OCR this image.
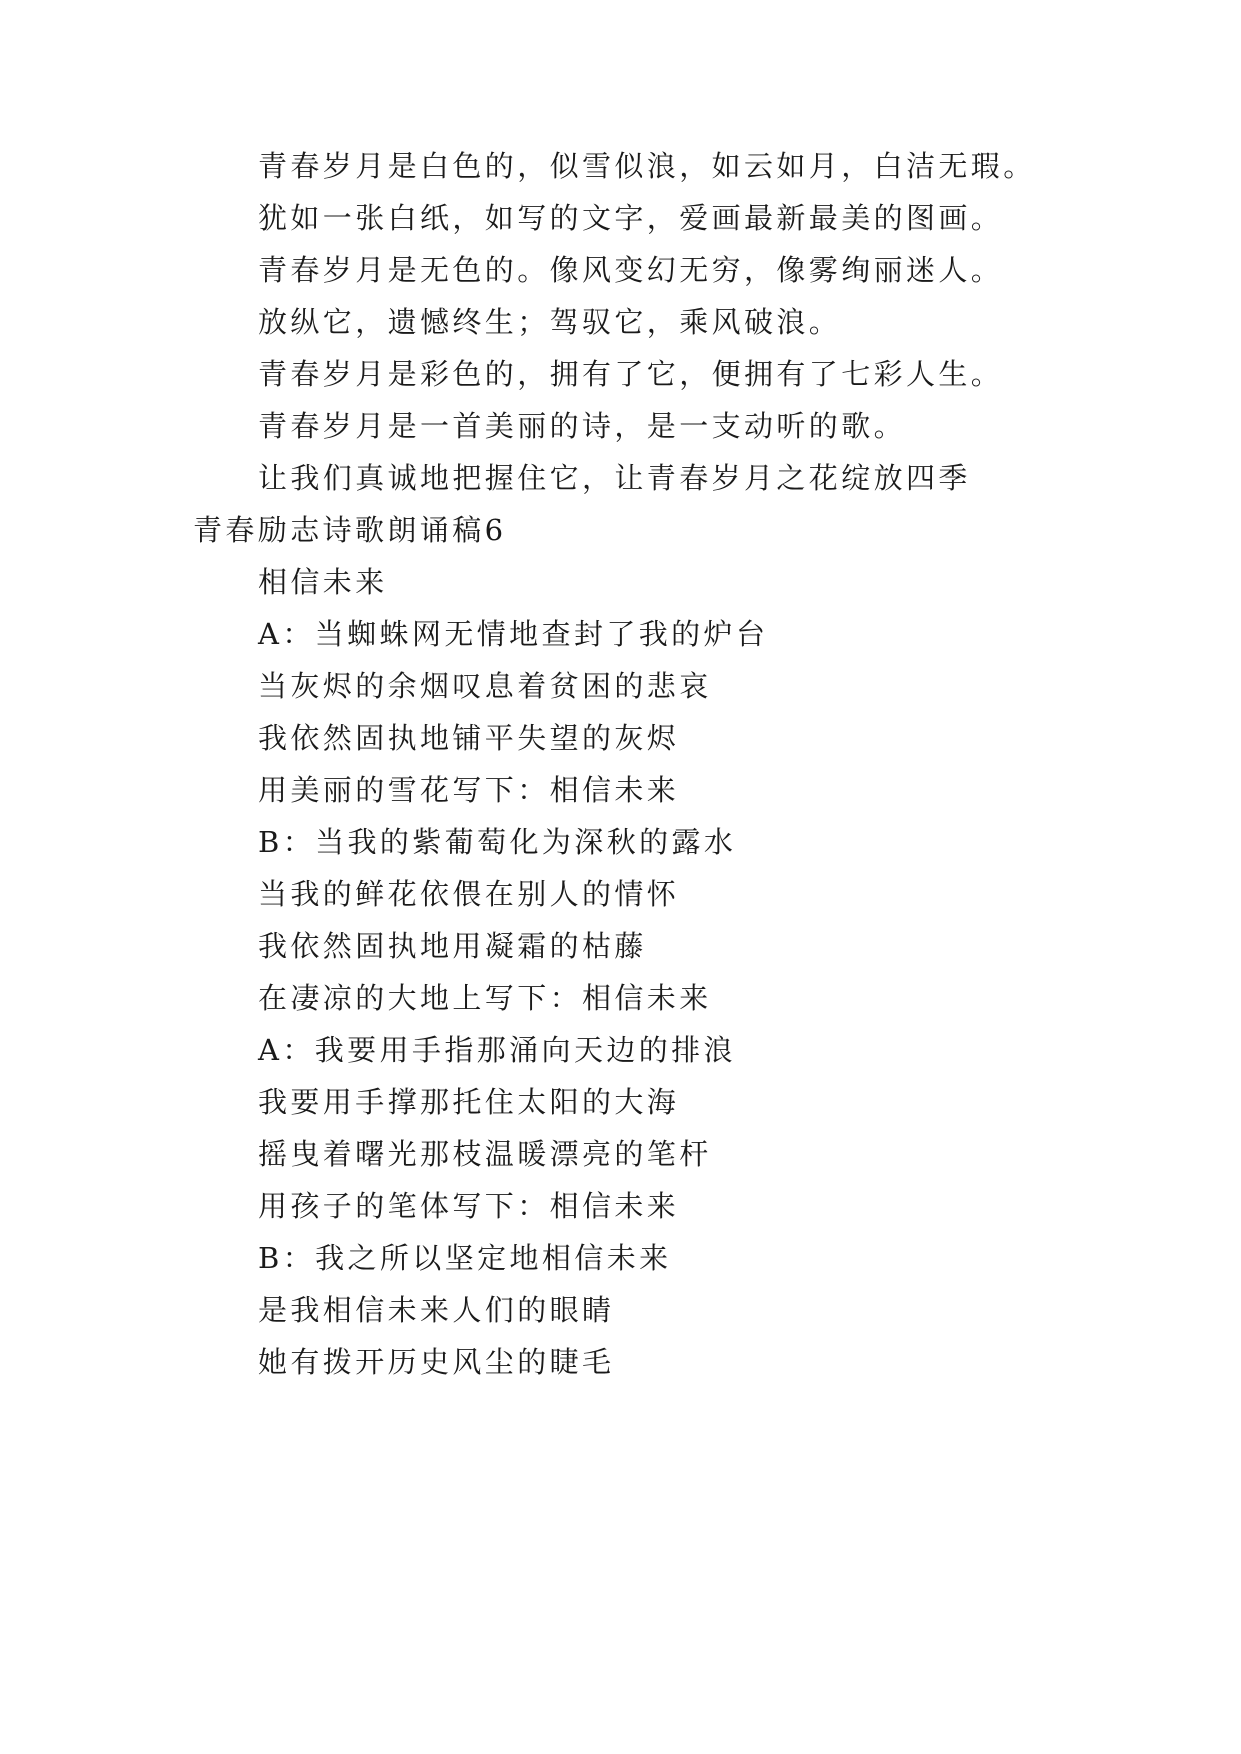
青春岁月是白色的，似雪似浪，如云如月，白洁无瑕。
犹如一张白纸，如写的文字，爱画最新最美的图画。
青春岁月是无色的。像风变幻无穷，像雾绚丽迷人。
放纵它，遗憾终生；驾驭它，乘风破浪。
青春岁月是彩色的，拥有了它，便拥有了七彩人生。
青春岁月是一首美丽的诗，是一支动听的歌。
让我们真诚地把握住它，让青春岁月之花绽放四季
青春励志诗歌朗诵稿6
相信未来
A：当蜘蛛网无情地查封了我的炉台
当灰烬的余烟叹息着贫困的悲哀
我依然固执地铺平失望的灰烬
用美丽的雪花写下：相信未来
B：当我的紫葡萄化为深秋的露水
当我的鲜花依偎在别人的情怀
我依然固执地用凝霜的枯藤
在凄凉的大地上写下：相信未来
A：我要用手指那涌向天边的排浪
我要用手撑那托住太阳的大海
摇曳着曙光那枝温暖漂亮的笔杆
用孩子的笔体写下：相信未来
B：我之所以坚定地相信未来
是我相信未来人们的眼睛
她有拨开历史风尘的睫毛
